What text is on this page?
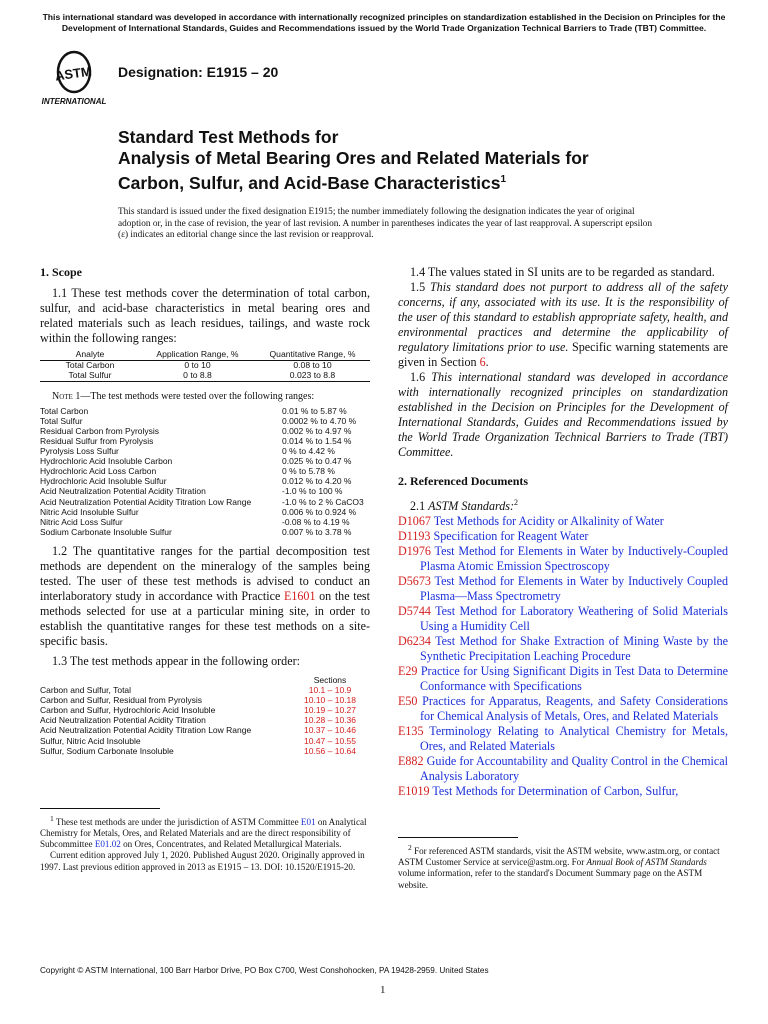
This international standard was developed in accordance with internationally recognized principles on standardization established in the Decision on Principles for the Development of International Standards, Guides and Recommendations issued by the World Trade Organization Technical Barriers to Trade (TBT) Committee.
ASTM
INTERNATIONAL
Designation: E1915 – 20
Standard Test Methods for
Analysis of Metal Bearing Ores and Related Materials for
Carbon, Sulfur, and Acid-Base Characteristics$^1$
This standard is issued under the fixed designation E1915; the number immediately following the designation indicates the year of original adoption or, in the case of revision, the year of last revision. A number in parentheses indicates the year of last reapproval. A superscript epsilon (ε) indicates an editorial change since the last revision or reapproval.

1. Scope

1.1 These test methods cover the determination of total carbon, sulfur, and acid-base characteristics in metal bearing ores and related materials such as leach residues, tailings, and waste rock within the following ranges:

Analyte	Application Range, %	Quantitative Range, %
Total Carbon	0 to 10	0.08 to 10
Total Sulfur	0 to 8.8	0.023 to 8.8

Note 1—The test methods were tested over the following ranges:

Total Carbon	0.01 % to 5.87 %
Total Sulfur	0.0002 % to 4.70 %
Residual Carbon from Pyrolysis	0.002 % to 4.97 %
Residual Sulfur from Pyrolysis	0.014 % to 1.54 %
Pyrolysis Loss Sulfur	0 % to 4.42 %
Hydrochloric Acid Insoluble Carbon	0.025 % to 0.47 %
Hydrochloric Acid Loss Carbon	0 % to 5.78 %
Hydrochloric Acid Insoluble Sulfur	0.012 % to 4.20 %
Acid Neutralization Potential Acidity Titration	-1.0 % to 100 %
Acid Neutralization Potential Acidity Titration Low Range	-1.0 % to 2 % CaCO3
Nitric Acid Insoluble Sulfur	0.006 % to 0.924 %
Nitric Acid Loss Sulfur	-0.08 % to 4.19 %
Sodium Carbonate Insoluble Sulfur	0.007 % to 3.78 %

1.2 The quantitative ranges for the partial decomposition test methods are dependent on the mineralogy of the samples being tested. The user of these test methods is advised to conduct an interlaboratory study in accordance with Practice E1601 on the test methods selected for use at a particular mining site, in order to establish the quantitative ranges for these test methods on a site-specific basis.

1.3 The test methods appear in the following order:

	Sections
Carbon and Sulfur, Total	10.1 – 10.9
Carbon and Sulfur, Residual from Pyrolysis	10.10 – 10.18
Carbon and Sulfur, Hydrochloric Acid Insoluble	10.19 – 10.27
Acid Neutralization Potential Acidity Titration	10.28 – 10.36
Acid Neutralization Potential Acidity Titration Low Range	10.37 – 10.46
Sulfur, Nitric Acid Insoluble	10.47 – 10.55
Sulfur, Sodium Carbonate Insoluble	10.56 – 10.64

$^1$ These test methods are under the jurisdiction of ASTM Committee E01 on Analytical Chemistry for Metals, Ores, and Related Materials and are the direct responsibility of Subcommittee E01.02 on Ores, Concentrates, and Related Metallurgical Materials.

Current edition approved July 1, 2020. Published August 2020. Originally approved in 1997. Last previous edition approved in 2013 as E1915 – 13. DOI: 10.1520/E1915-20.

1.4 The values stated in SI units are to be regarded as standard.

1.5 This standard does not purport to address all of the safety concerns, if any, associated with its use. It is the responsibility of the user of this standard to establish appropriate safety, health, and environmental practices and determine the applicability of regulatory limitations prior to use. Specific warning statements are given in Section 6.

1.6 This international standard was developed in accordance with internationally recognized principles on standardization established in the Decision on Principles for the Development of International Standards, Guides and Recommendations issued by the World Trade Organization Technical Barriers to Trade (TBT) Committee.

2. Referenced Documents

2.1 ASTM Standards:$^2$

D1067 Test Methods for Acidity or Alkalinity of Water

D1193 Specification for Reagent Water

D1976 Test Method for Elements in Water by Inductively-Coupled Plasma Atomic Emission Spectroscopy

D5673 Test Method for Elements in Water by Inductively Coupled Plasma—Mass Spectrometry

D5744 Test Method for Laboratory Weathering of Solid Materials Using a Humidity Cell

D6234 Test Method for Shake Extraction of Mining Waste by the Synthetic Precipitation Leaching Procedure

E29 Practice for Using Significant Digits in Test Data to Determine Conformance with Specifications

E50 Practices for Apparatus, Reagents, and Safety Considerations for Chemical Analysis of Metals, Ores, and Related Materials

E135 Terminology Relating to Analytical Chemistry for Metals, Ores, and Related Materials

E882 Guide for Accountability and Quality Control in the Chemical Analysis Laboratory

E1019 Test Methods for Determination of Carbon, Sulfur,

$^2$ For referenced ASTM standards, visit the ASTM website, www.astm.org, or contact ASTM Customer Service at service@astm.org. For Annual Book of ASTM Standards volume information, refer to the standard's Document Summary page on the ASTM website.

Copyright © ASTM International, 100 Barr Harbor Drive, PO Box C700, West Conshohocken, PA 19428-2959. United States
1
